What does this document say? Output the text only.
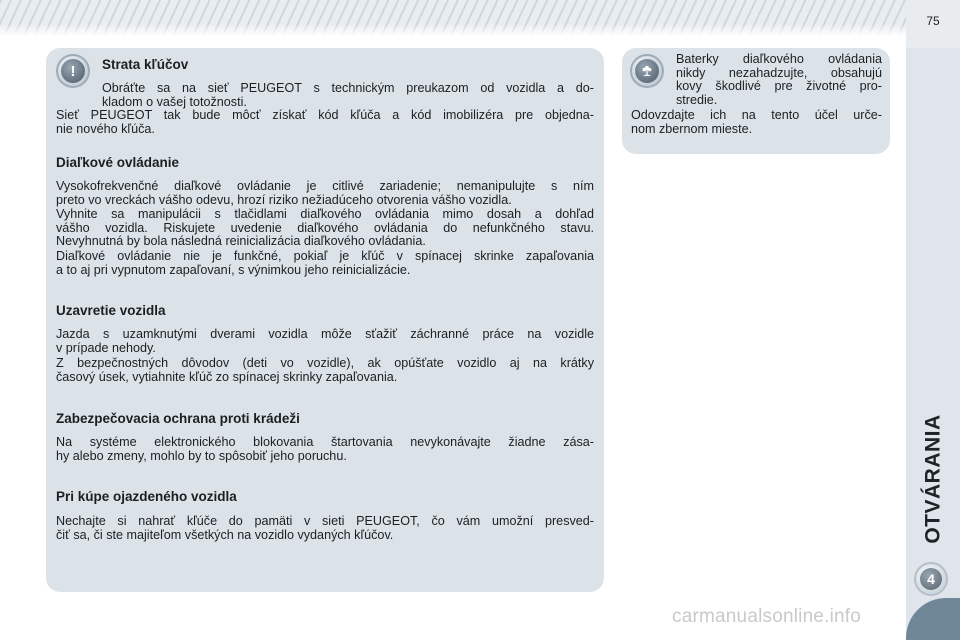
75
OTVÁRANIA
4
!	Strata kľúčov
Obráťte sa na sieť PEUGEOT s technickým preukazom od vozidla a do-
kladom o vašej totožnosti.
Sieť PEUGEOT tak bude môcť získať kód kľúča a kód imobilizéra pre objedna-
nie nového kľúča.
Diaľkové ovládanie
Vysokofrekvenčné diaľkové ovládanie je citlivé zariadenie; nemanipulujte s ním
preto vo vreckách vášho odevu, hrozí riziko nežiadúceho otvorenia vášho vozidla.
Vyhnite sa manipulácii s tlačidlami diaľkového ovládania mimo dosah a dohľad
vášho vozidla. Riskujete uvedenie diaľkového ovládania do nefunkčného stavu.
Nevyhnutná by bola následná reinicializácia diaľkového ovládania.
Diaľkové ovládanie nie je funkčné, pokiaľ je kľúč v spínacej skrinke zapaľovania
a to aj pri vypnutom zapaľovaní, s výnimkou jeho reinicializácie.
Uzavretie vozidla
Jazda s uzamknutými dverami vozidla môže sťažiť záchranné práce na vozidle
v prípade nehody.
Z bezpečnostných dôvodov (deti vo vozidle), ak opúšťate vozidlo aj na krátky
časový úsek, vytiahnite kľúč zo spínacej skrinky zapaľovania.
Zabezpečovacia ochrana proti krádeži
Na systéme elektronického blokovania štartovania nevykonávajte žiadne zása-
hy alebo zmeny, mohlo by to spôsobiť jeho poruchu.
Pri kúpe ojazdeného vozidla
Nechajte si nahrať kľúče do pamäti v sieti PEUGEOT, čo vám umožní presved-
čiť sa, či ste majiteľom všetkých na vozidlo vydaných kľúčov.
Baterky diaľkového ovládania
nikdy nezahadzujte, obsahujú
kovy škodlivé pre životné pro-
stredie.
Odovzdajte ich na tento účel urče-
nom zbernom mieste.
carmanualsonline.info
